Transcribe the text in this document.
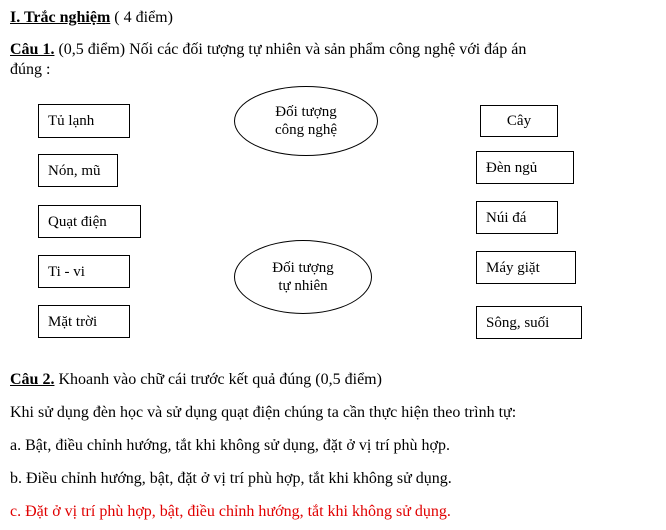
I. Trắc nghiệm ( 4 điểm)
Câu 1. (0,5 điểm) Nối các đối tượng tự nhiên và sản phẩm công nghệ với đáp án
đúng :
Tủ lạnh
Nón, mũ
Quạt điện
Ti - vi
Mặt trời
Đối tượng
công nghệ
Đối tượng
tự nhiên
Cây
Đèn ngủ
Núi đá
Máy giặt
Sông, suối
Câu 2. Khoanh vào chữ cái trước kết quả đúng (0,5 điểm)
Khi sử dụng đèn học và sử dụng quạt điện chúng ta cần thực hiện theo trình tự:
a. Bật, điều chỉnh hướng, tắt khi không sử dụng, đặt ở vị trí phù hợp.
b. Điều chỉnh hướng, bật, đặt ở vị trí phù hợp, tắt khi không sử dụng.
c. Đặt ở vị trí phù hợp, bật, điều chỉnh hướng, tắt khi không sử dụng.
